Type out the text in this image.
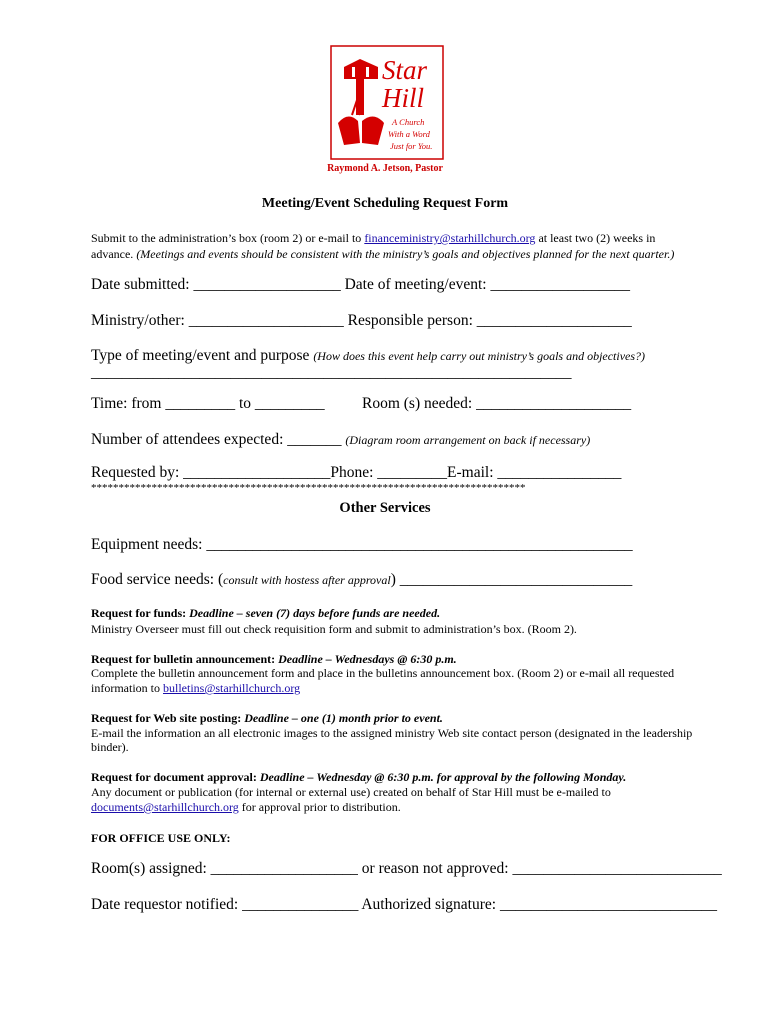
Star
Hill
A Church
With a Word
Just for You.
Raymond A. Jetson, Pastor
Meeting/Event Scheduling Request Form
Submit to the administration’s box (room 2) or e-mail to financeministry@starhillchurch.org at least two (2) weeks in
advance. (Meetings and events should be consistent with the ministry’s goals and objectives planned for the next quarter.)
Date submitted: ___________________ Date of meeting/event: __________________
Ministry/other: ____________________ Responsible person: ____________________
Type of meeting/event and purpose (How does this event help carry out ministry’s goals and objectives?)
______________________________________________________________
Time: from _________ to _________ Room (s) needed: ____________________
Number of attendees expected: _______ (Diagram room arrangement on back if necessary)
Requested by: ___________________Phone: _________E-mail: ________________
*******************************************************************************
Other Services
Equipment needs: _______________________________________________________
Food service needs: (consult with hostess after approval) ______________________________
Request for funds: Deadline – seven (7) days before funds are needed.
Ministry Overseer must fill out check requisition form and submit to administration’s box. (Room 2).
Request for bulletin announcement: Deadline – Wednesdays @ 6:30 p.m.
Complete the bulletin announcement form and place in the bulletins announcement box. (Room 2) or e-mail all requested
information to bulletins@starhillchurch.org
Request for Web site posting: Deadline – one (1) month prior to event.
E-mail the information an all electronic images to the assigned ministry Web site contact person (designated in the leadership
binder).
Request for document approval: Deadline – Wednesday @ 6:30 p.m. for approval by the following Monday.
Any document or publication (for internal or external use) created on behalf of Star Hill must be e-mailed to
documents@starhillchurch.org for approval prior to distribution.
FOR OFFICE USE ONLY:
Room(s) assigned: ___________________ or reason not approved: ___________________________
Date requestor notified: _______________ Authorized signature: ____________________________
